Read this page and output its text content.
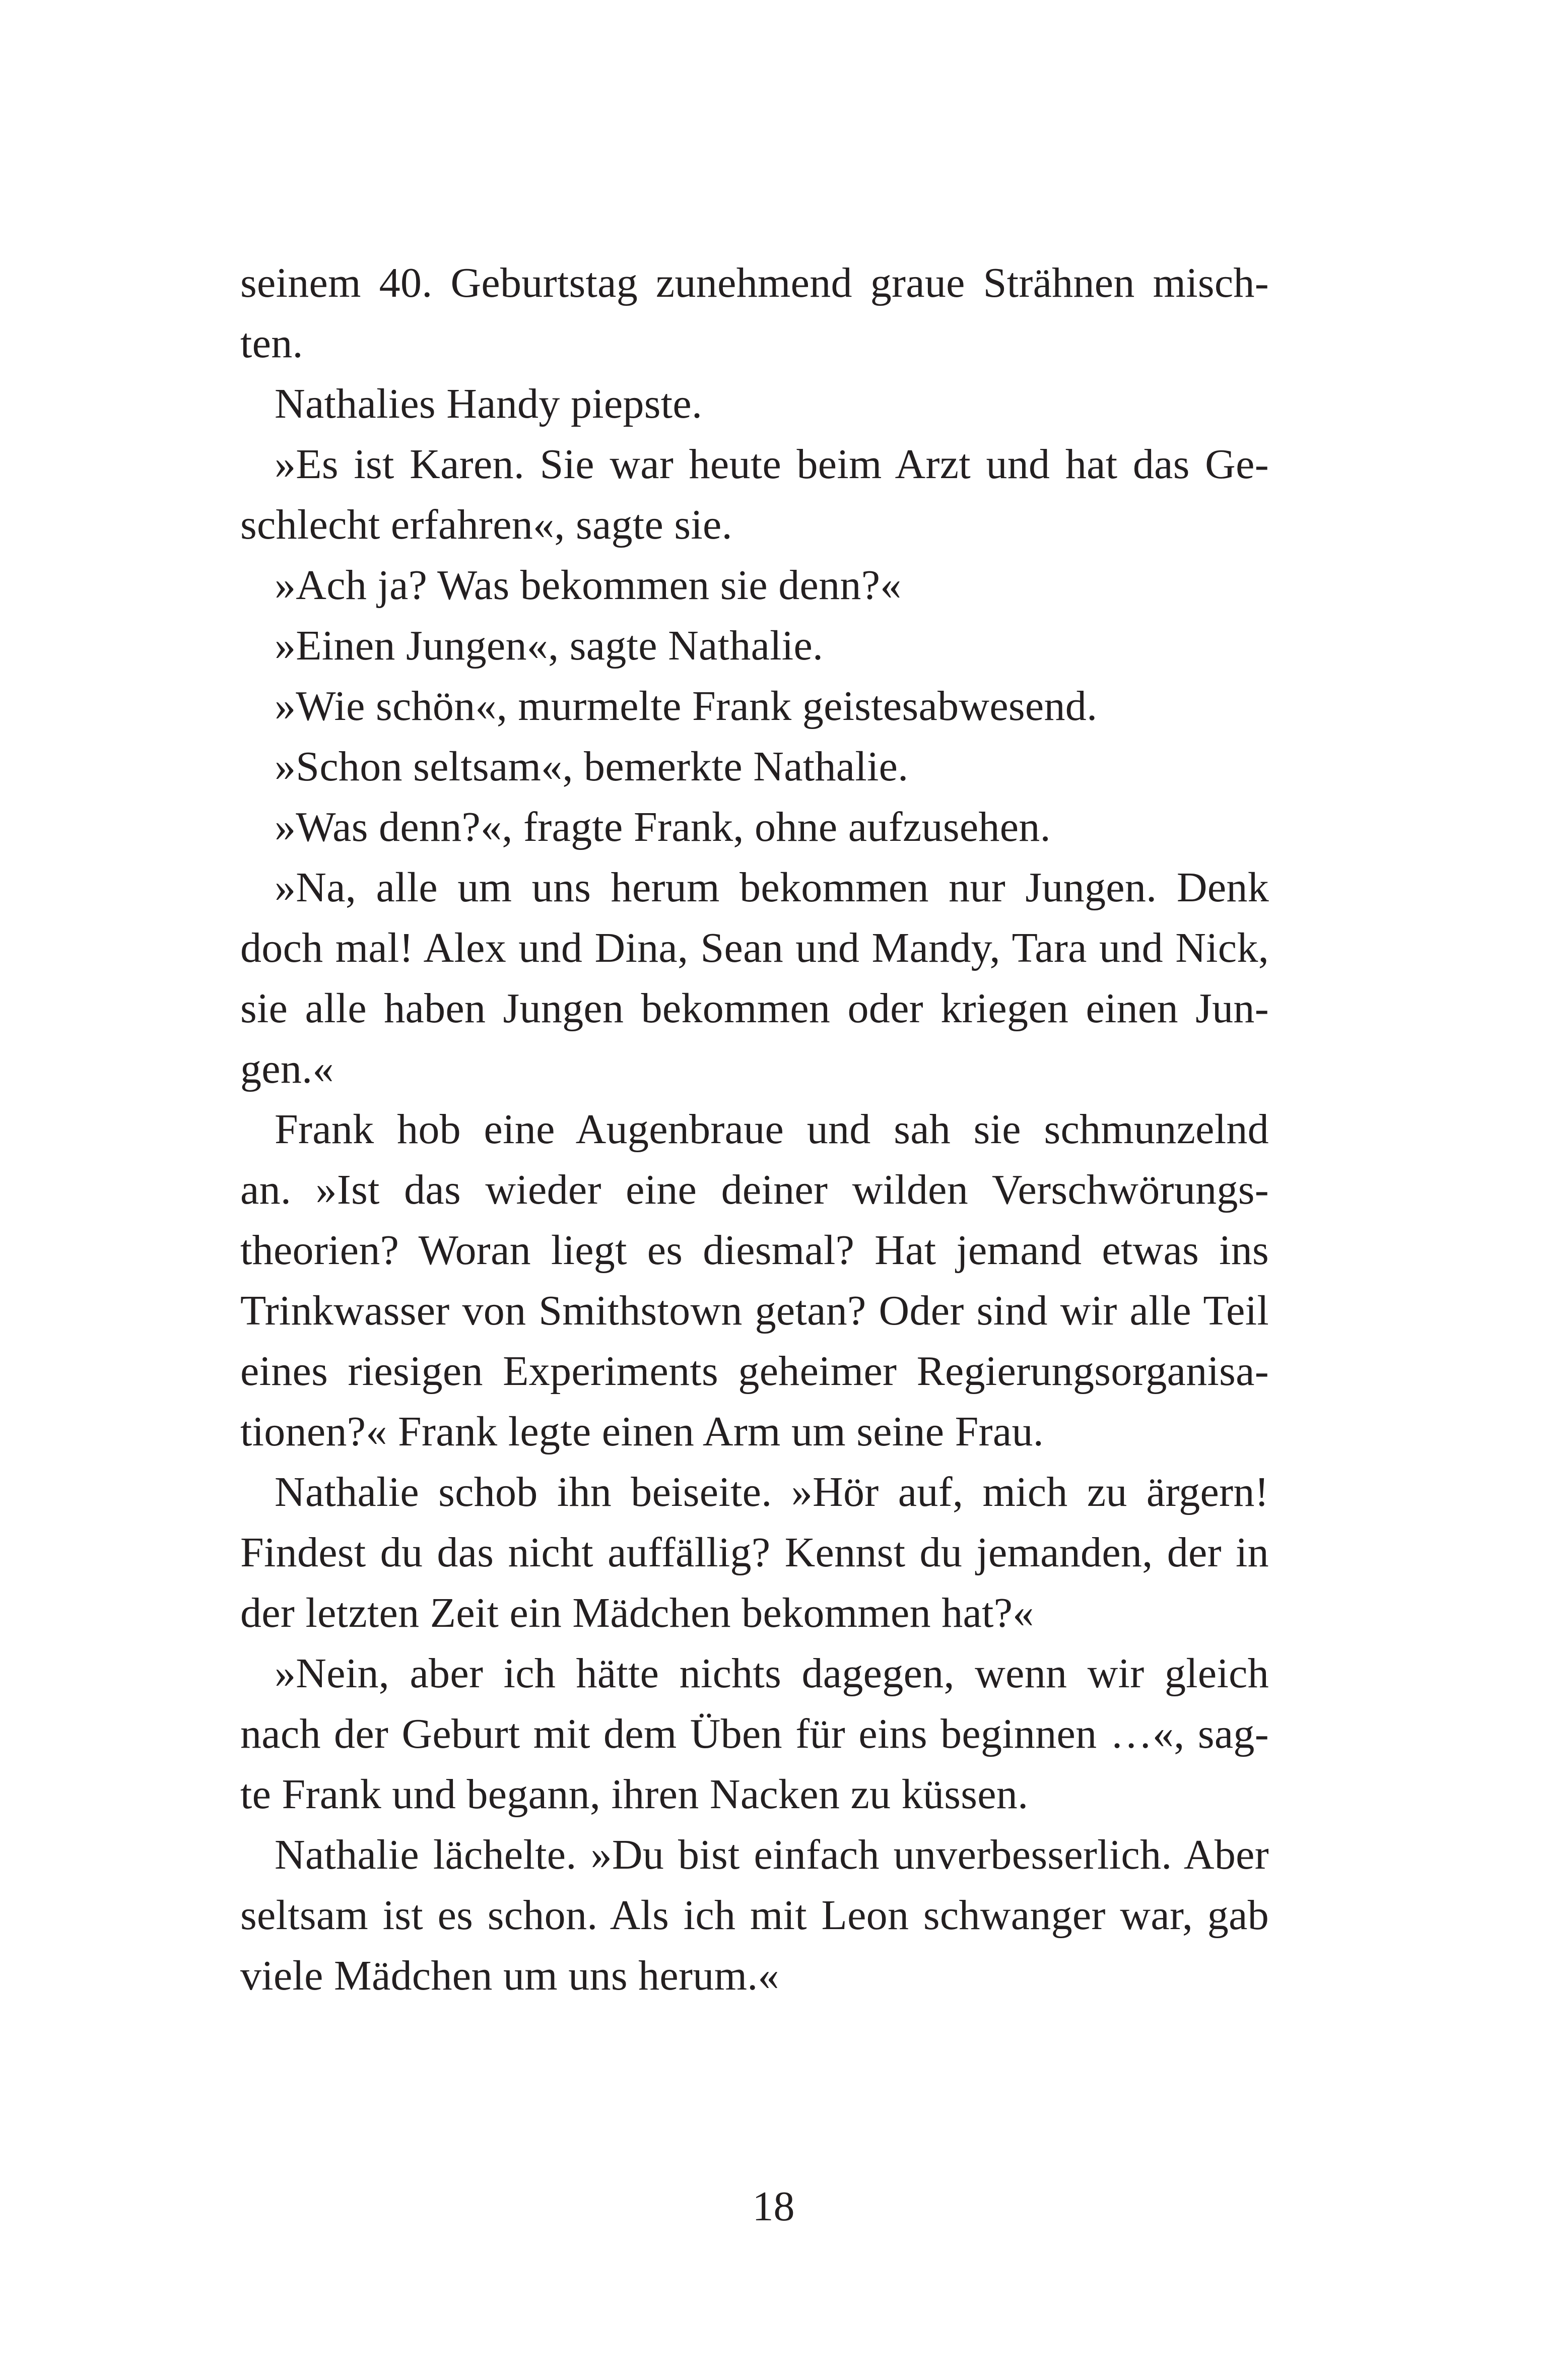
seinem 40. Geburtstag zunehmend graue Strähnen misch-
ten.
Nathalies Handy piepste.
»Es ist Karen. Sie war heute beim Arzt und hat das Ge-
schlecht erfahren«, sagte sie.
»Ach ja? Was bekommen sie denn?«
»Einen Jungen«, sagte Nathalie.
»Wie schön«, murmelte Frank geistesabwesend.
»Schon seltsam«, bemerkte Nathalie.
»Was denn?«, fragte Frank, ohne aufzusehen.
»Na, alle um uns herum bekommen nur Jungen. Denk
doch mal! Alex und Dina, Sean und Mandy, Tara und Nick,
sie alle haben Jungen bekommen oder kriegen einen Jun-
gen.«
Frank hob eine Augenbraue und sah sie schmunzelnd
an. »Ist das wieder eine deiner wilden Verschwörungs-
theorien? Woran liegt es diesmal? Hat jemand etwas ins
Trinkwasser von Smithstown getan? Oder sind wir alle Teil
eines riesigen Experiments geheimer Regierungsorganisa-
tionen?« Frank legte einen Arm um seine Frau.
Nathalie schob ihn beiseite. »Hör auf, mich zu ärgern!
Findest du das nicht auffällig? Kennst du jemanden, der in
der letzten Zeit ein Mädchen bekommen hat?«
»Nein, aber ich hätte nichts dagegen, wenn wir gleich
nach der Geburt mit dem Üben für eins beginnen …«, sag-
te Frank und begann, ihren Nacken zu küssen.
Nathalie lächelte. »Du bist einfach unverbesserlich. Aber
seltsam ist es schon. Als ich mit Leon schwanger war, gab
viele Mädchen um uns herum.«
18
